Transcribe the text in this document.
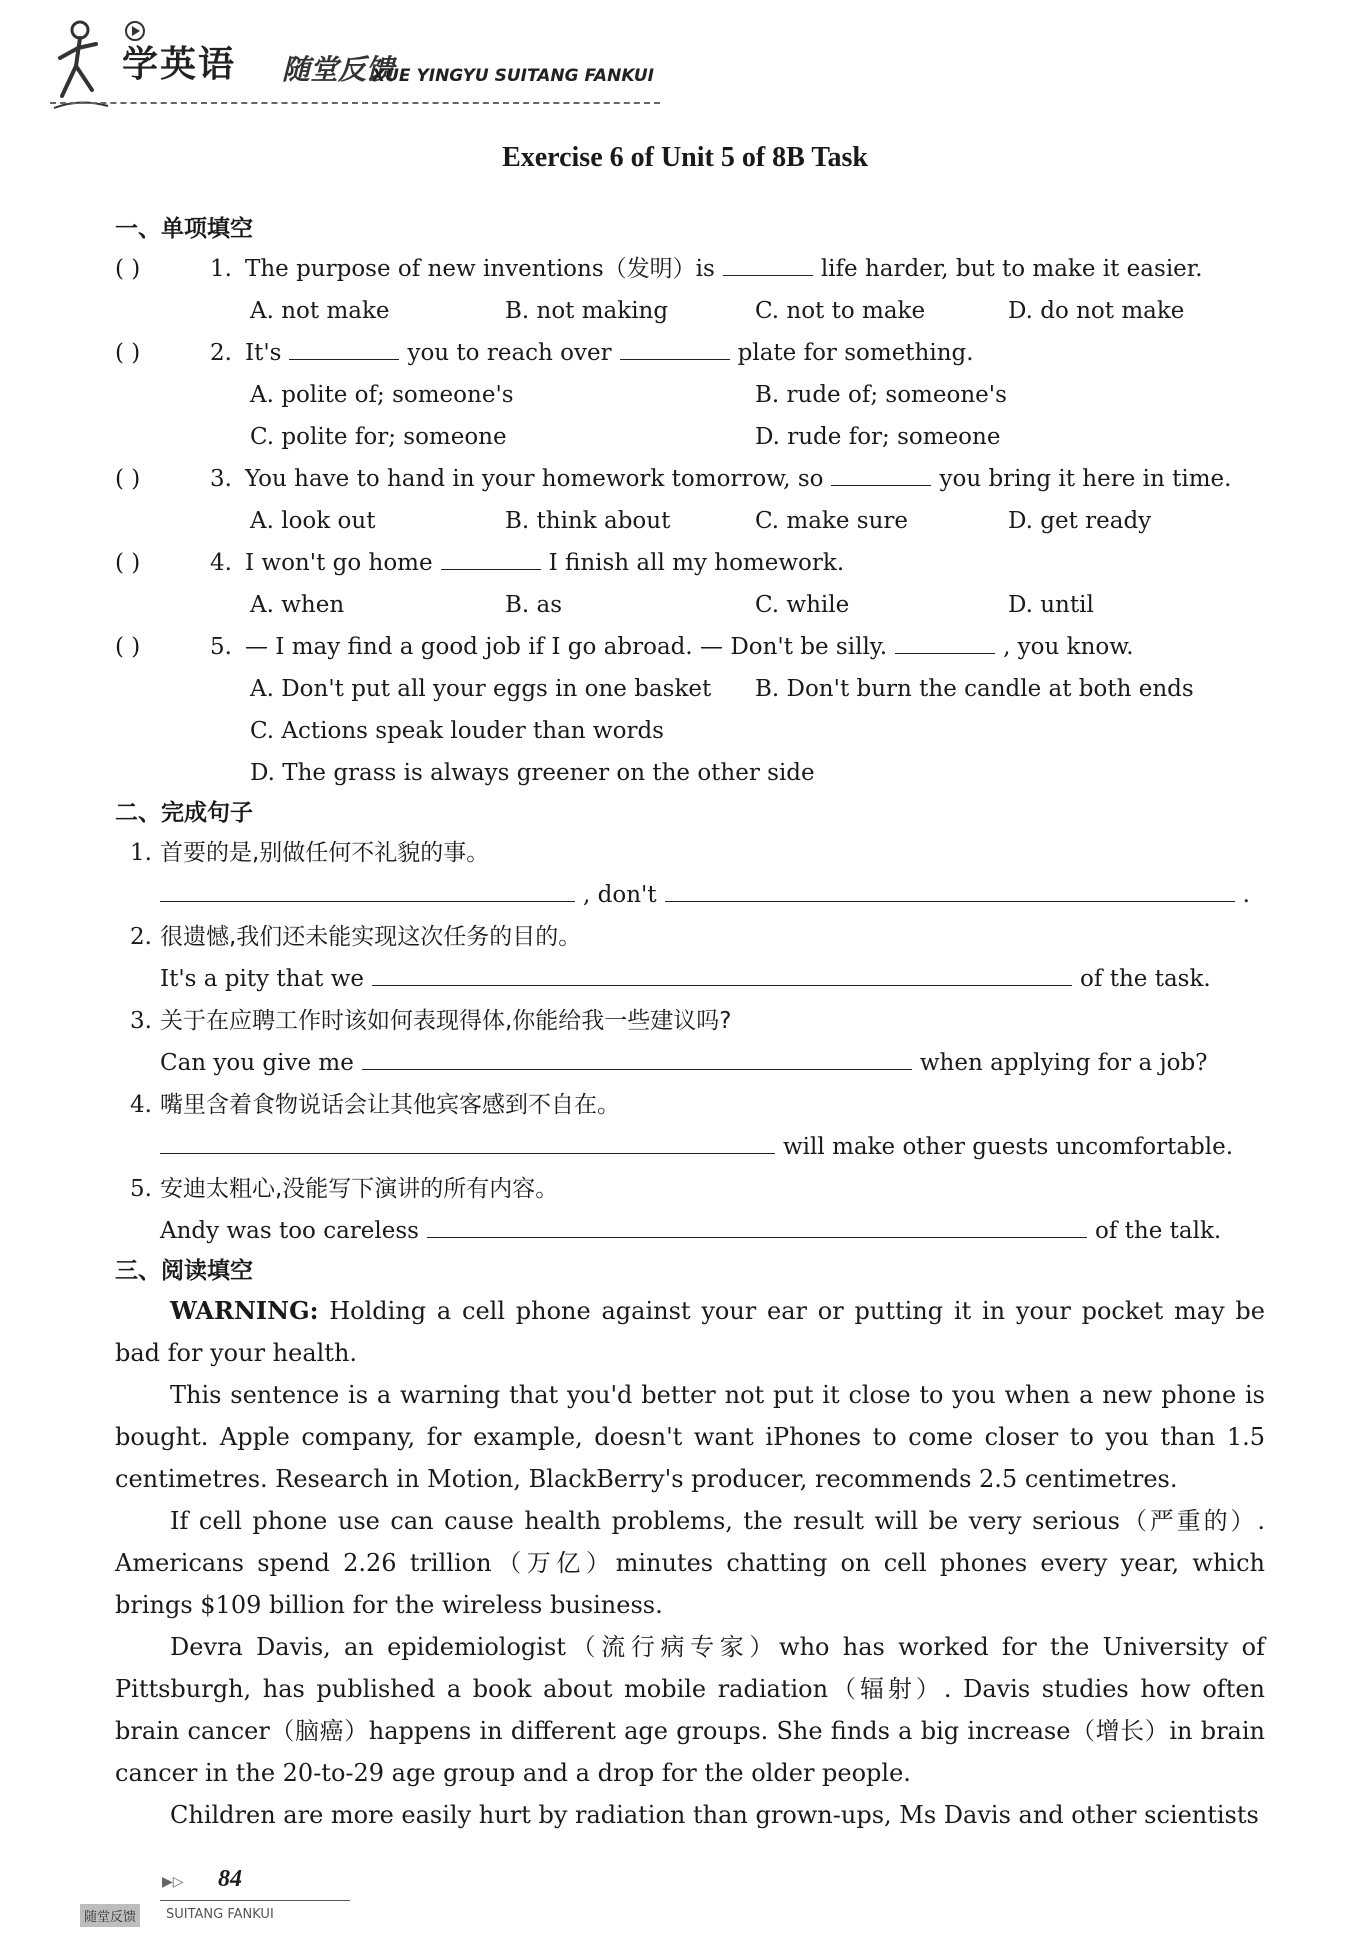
学英语 随堂反馈
XUE YINGYU SUITANG FANKUI
Exercise 6 of Unit 5 of 8B Task
一、单项填空
( )	1. The purpose of new inventions（发明）is	life harder, but to make it easier.
A. not make	B. not making	C. not to make	D. do not make
( )	2. It's	you to reach over	plate for something.
A. polite of; someone's	B. rude of; someone's
C. polite for; someone	D. rude for; someone
( )	3. You have to hand in your homework tomorrow, so	you bring it here in time.
A. look out	B. think about	C. make sure	D. get ready
( )	4. I won't go home	I finish all my homework.
A. when	B. as	C. while	D. until
( )	5. — I may find a good job if I go abroad. — Don't be silly.	, you know.
A. Don't put all your eggs in one basket B. Don't burn the candle at both ends
C. Actions speak louder than words
D. The grass is always greener on the other side
二、完成句子
1. 首要的是,别做任何不礼貌的事。
, don't	.
2. 很遗憾,我们还未能实现这次任务的目的。
It's a pity that we	of the task.
3. 关于在应聘工作时该如何表现得体,你能给我一些建议吗?
Can you give me	when applying for a job?
4. 嘴里含着食物说话会让其他宾客感到不自在。
will make other guests uncomfortable.
5. 安迪太粗心,没能写下演讲的所有内容。
Andy was too careless	of the talk.
三、阅读填空

WARNING: Holding a cell phone against your ear or putting it in your pocket may be bad for your health.

This sentence is a warning that you'd better not put it close to you when a new phone is bought. Apple company, for example, doesn't want iPhones to come closer to you than 1.5 centimetres. Research in Motion, BlackBerry's producer, recommends 2.5 centimetres.

If cell phone use can cause health problems, the result will be very serious（严重的）. Americans spend 2.26 trillion（万亿）minutes chatting on cell phones every year, which brings $109 billion for the wireless business.

Devra Davis, an epidemiologist（流行病专家）who has worked for the University of Pittsburgh, has published a book about mobile radiation（辐射）. Davis studies how often brain cancer（脑癌）happens in different age groups. She finds a big increase（增长）in brain cancer in the 20-to-29 age group and a drop for the older people.

Children are more easily hurt by radiation than grown-ups, Ms Davis and other scientists

▶▷ 84
随堂反馈	SUITANG FANKUI
